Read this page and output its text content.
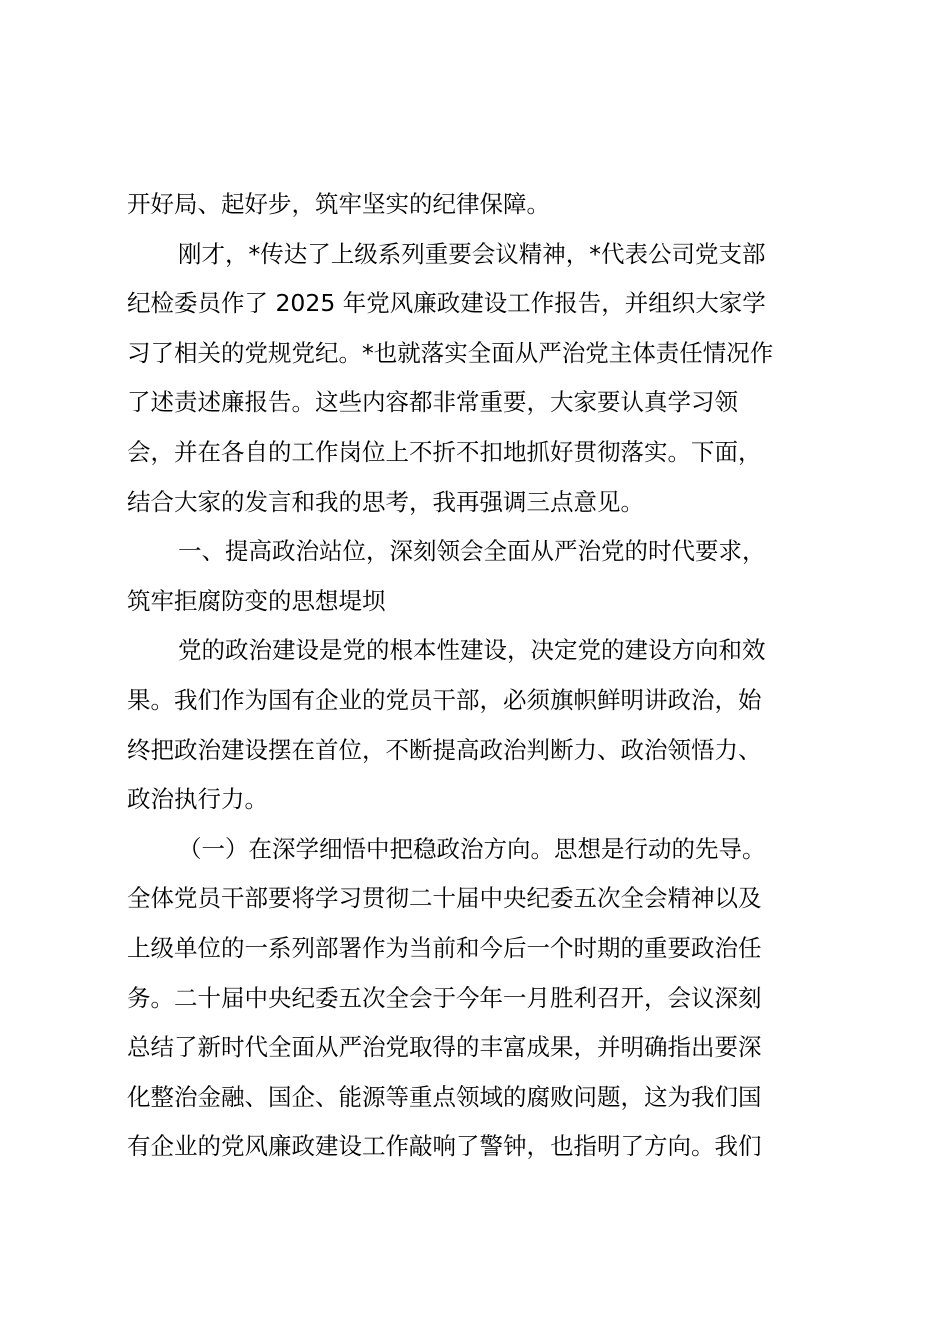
开好局、起好步，筑牢坚实的纪律保障。
刚才，*传达了上级系列重要会议精神，*代表公司党支部
纪检委员作了 2025 年党风廉政建设工作报告，并组织大家学
习了相关的党规党纪。*也就落实全面从严治党主体责任情况作
了述责述廉报告。这些内容都非常重要，大家要认真学习领
会，并在各自的工作岗位上不折不扣地抓好贯彻落实。下面，
结合大家的发言和我的思考，我再强调三点意见。
一、提高政治站位，深刻领会全面从严治党的时代要求，
筑牢拒腐防变的思想堤坝
党的政治建设是党的根本性建设，决定党的建设方向和效
果。我们作为国有企业的党员干部，必须旗帜鲜明讲政治，始
终把政治建设摆在首位，不断提高政治判断力、政治领悟力、
政治执行力。
（一）在深学细悟中把稳政治方向。思想是行动的先导。
全体党员干部要将学习贯彻二十届中央纪委五次全会精神以及
上级单位的一系列部署作为当前和今后一个时期的重要政治任
务。二十届中央纪委五次全会于今年一月胜利召开，会议深刻
总结了新时代全面从严治党取得的丰富成果，并明确指出要深
化整治金融、国企、能源等重点领域的腐败问题，这为我们国
有企业的党风廉政建设工作敲响了警钟，也指明了方向。我们
